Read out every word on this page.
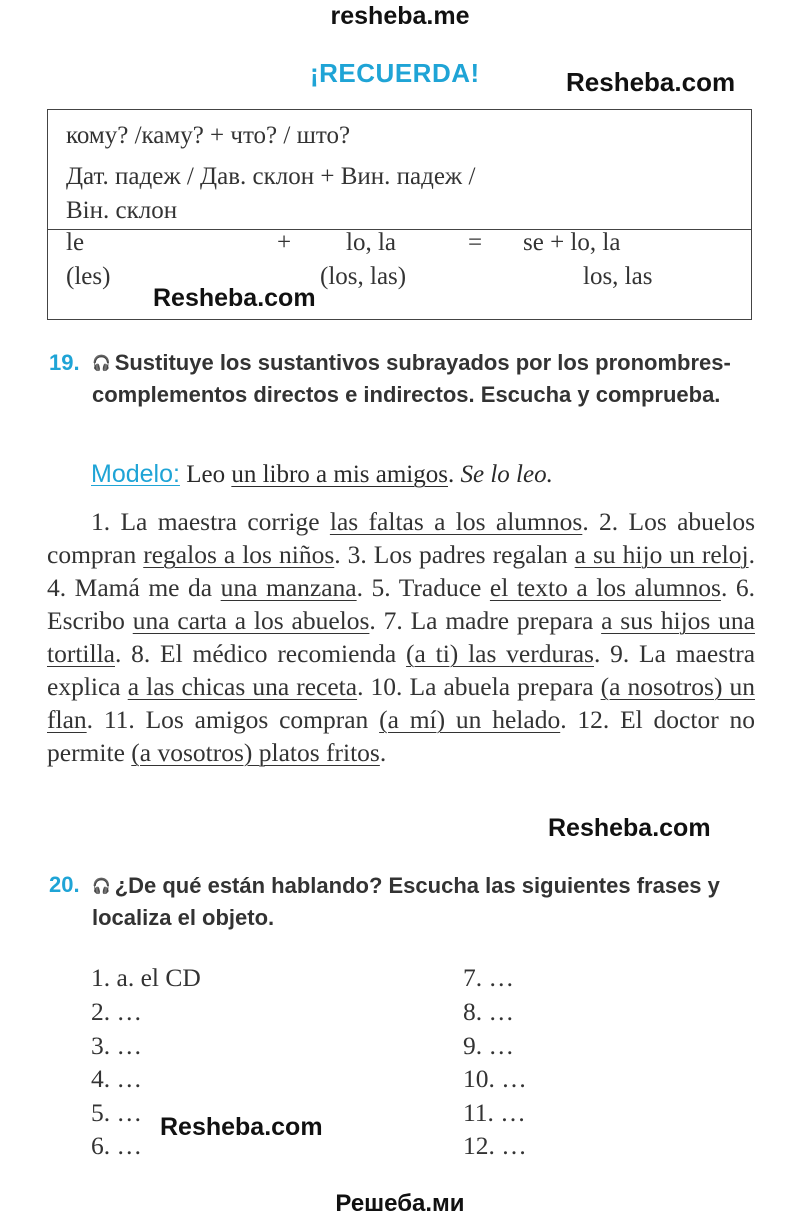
resheba.me
¡RECUERDA!	Resheba.com
кому? /каму? + что? / што?
Дат. падеж / Дав. склон + Вин. падеж /
Він. склон
le	+ lo, la	= se + lo, la
(les)	(los, las)	los, las
Resheba.com
19. 🎧 Sustituye los sustantivos subrayados por los pronombres-complementos directos e indirectos. Escucha y comprueba.
Modelo: Leo un libro a mis amigos. Se lo leo.
1. La maestra corrige las faltas a los alumnos. 2. Los abuelos compran regalos a los niños. 3. Los padres regalan a su hijo un reloj. 4. Mamá me da una manzana. 5. Traduce el texto a los alumnos. 6. Escribo una carta a los abuelos. 7. La madre prepara a sus hijos una tortilla. 8. El médico recomienda (a ti) las verduras. 9. La maestra explica a las chicas una receta. 10. La abuela prepara (a nosotros) un flan. 11. Los amigos compran (a mí) un helado. 12. El doctor no permite (a vosotros) platos fritos.
Resheba.com
20. 🎧 ¿De qué están hablando? Escucha las siguientes frases y localiza el objeto.
1. a. el CD
2. …
3. …
4. …
5. …
6. …
7. …
8. …
9. …
10. …
11. …
12. …
Resheba.com
Решеба.ми
